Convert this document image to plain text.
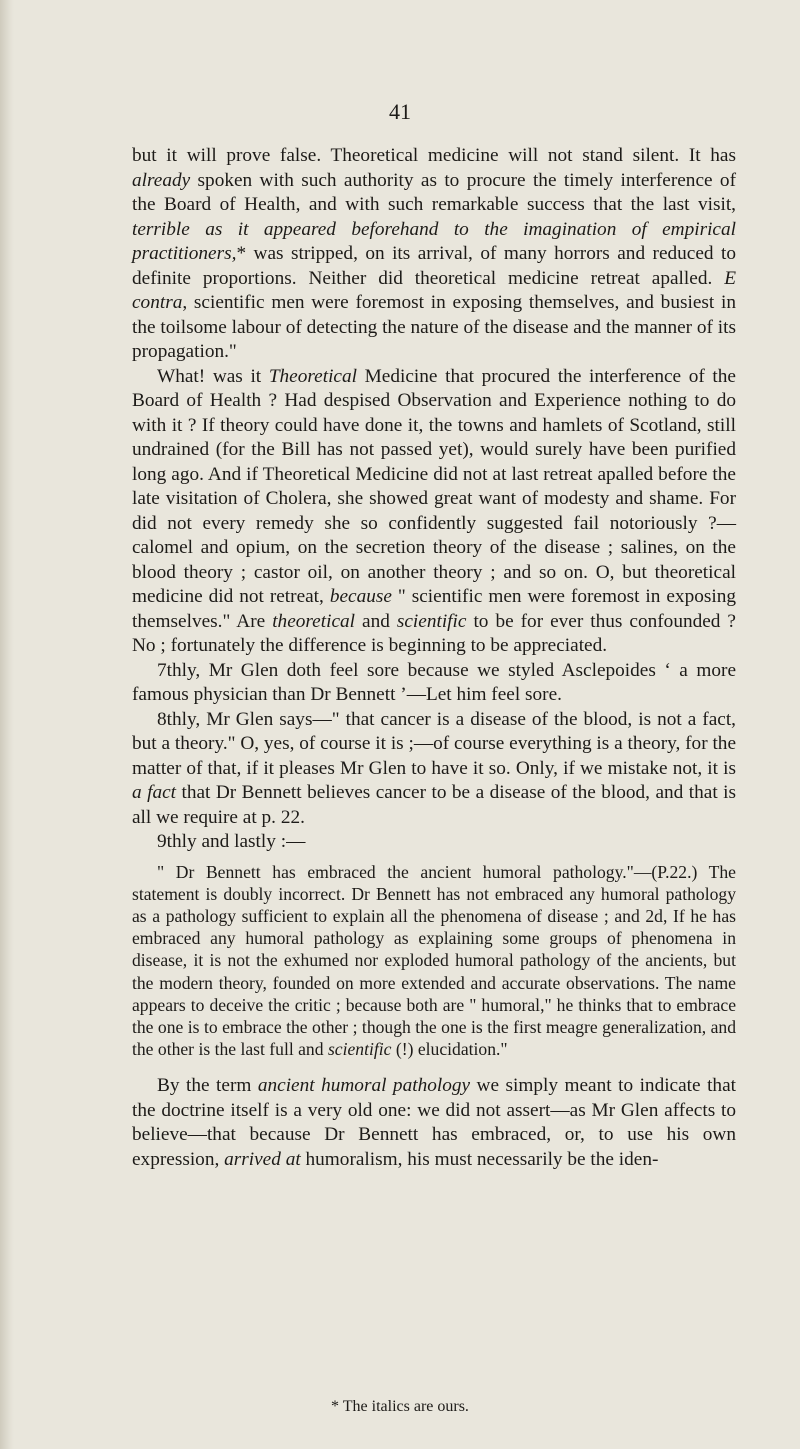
41

but it will prove false. Theoretical medicine will not stand silent. It has already spoken with such authority as to procure the timely interference of the Board of Health, and with such remarkable success that the last visit, terrible as it appeared beforehand to the imagination of empirical practitioners,* was stripped, on its arrival, of many horrors and reduced to definite proportions. Neither did theoretical medicine retreat apalled. E contra, scientific men were foremost in exposing themselves, and busiest in the toilsome labour of detecting the nature of the disease and the manner of its propagation."

What! was it Theoretical Medicine that procured the interference of the Board of Health ? Had despised Observation and Experience nothing to do with it ? If theory could have done it, the towns and hamlets of Scotland, still undrained (for the Bill has not passed yet), would surely have been purified long ago. And if Theoretical Medicine did not at last retreat apalled before the late visitation of Cholera, she showed great want of modesty and shame. For did not every remedy she so confidently suggested fail notoriously ?—calomel and opium, on the secretion theory of the disease ; salines, on the blood theory ; castor oil, on another theory ; and so on. O, but theoretical medicine did not retreat, because " scientific men were foremost in exposing themselves." Are theoretical and scientific to be for ever thus confounded ? No ; fortunately the difference is beginning to be appreciated.

7thly, Mr Glen doth feel sore because we styled Asclepoides ‘ a more famous physician than Dr Bennett ’—Let him feel sore.

8thly, Mr Glen says—" that cancer is a disease of the blood, is not a fact, but a theory." O, yes, of course it is ;—of course everything is a theory, for the matter of that, if it pleases Mr Glen to have it so. Only, if we mistake not, it is a fact that Dr Bennett believes cancer to be a disease of the blood, and that is all we require at p. 22.

9thly and lastly :—

" Dr Bennett has embraced the ancient humoral pathology."—(P.22.) The statement is doubly incorrect. Dr Bennett has not embraced any humoral pathology as a pathology sufficient to explain all the phenomena of disease ; and 2d, If he has embraced any humoral pathology as explaining some groups of phenomena in disease, it is not the exhumed nor exploded humoral pathology of the ancients, but the modern theory, founded on more extended and accurate observations. The name appears to deceive the critic ; because both are " humoral," he thinks that to embrace the one is to embrace the other ; though the one is the first meagre generalization, and the other is the last full and scientific (!) elucidation."

By the term ancient humoral pathology we simply meant to indicate that the doctrine itself is a very old one: we did not assert—as Mr Glen affects to believe—that because Dr Bennett has embraced, or, to use his own expression, arrived at humoralism, his must necessarily be the iden-

* The italics are ours.
